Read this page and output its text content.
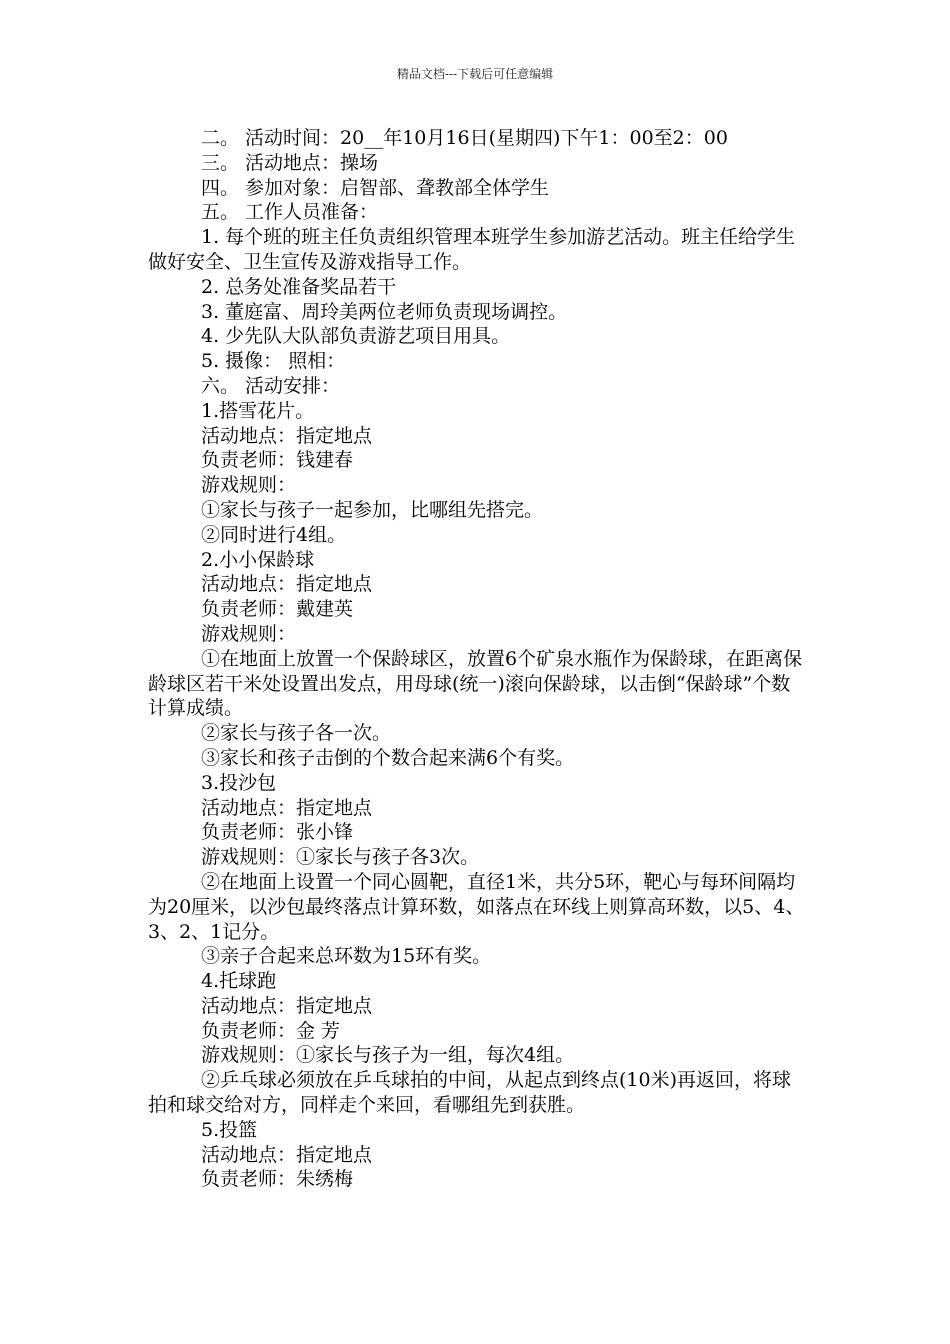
精品文档---下载后可任意编辑

二。 活动时间：20__年10月16日(星期四)下午1：00至2：00

三。 活动地点：操场

四。 参加对象：启智部、聋教部全体学生

五。 工作人员准备：

1. 每个班的班主任负责组织管理本班学生参加游艺活动。班主任给学生做好安全、卫生宣传及游戏指导工作。

2. 总务处准备奖品若干

3. 董庭富、周玲美两位老师负责现场调控。

4. 少先队大队部负责游艺项目用具。

5. 摄像： 照相：

六。 活动安排：

1.搭雪花片。

活动地点：指定地点

负责老师：钱建春

游戏规则：

①家长与孩子一起参加，比哪组先搭完。

②同时进行4组。

2.小小保龄球

活动地点：指定地点

负责老师：戴建英

游戏规则：

①在地面上放置一个保龄球区，放置6个矿泉水瓶作为保龄球，在距离保龄球区若干米处设置出发点，用母球(统一)滚向保龄球，以击倒“保龄球”个数计算成绩。

②家长与孩子各一次。

③家长和孩子击倒的个数合起来满6个有奖。

3.投沙包

活动地点：指定地点

负责老师：张小锋

游戏规则：①家长与孩子各3次。

②在地面上设置一个同心圆靶，直径1米，共分5环，靶心与每环间隔均为20厘米，以沙包最终落点计算环数，如落点在环线上则算高环数，以5、4、3、2、1记分。

③亲子合起来总环数为15环有奖。

4.托球跑

活动地点：指定地点

负责老师：金 芳

游戏规则：①家长与孩子为一组，每次4组。

②乒乓球必须放在乒乓球拍的中间，从起点到终点(10米)再返回，将球拍和球交给对方，同样走个来回，看哪组先到获胜。

5.投篮

活动地点：指定地点

负责老师：朱绣梅
